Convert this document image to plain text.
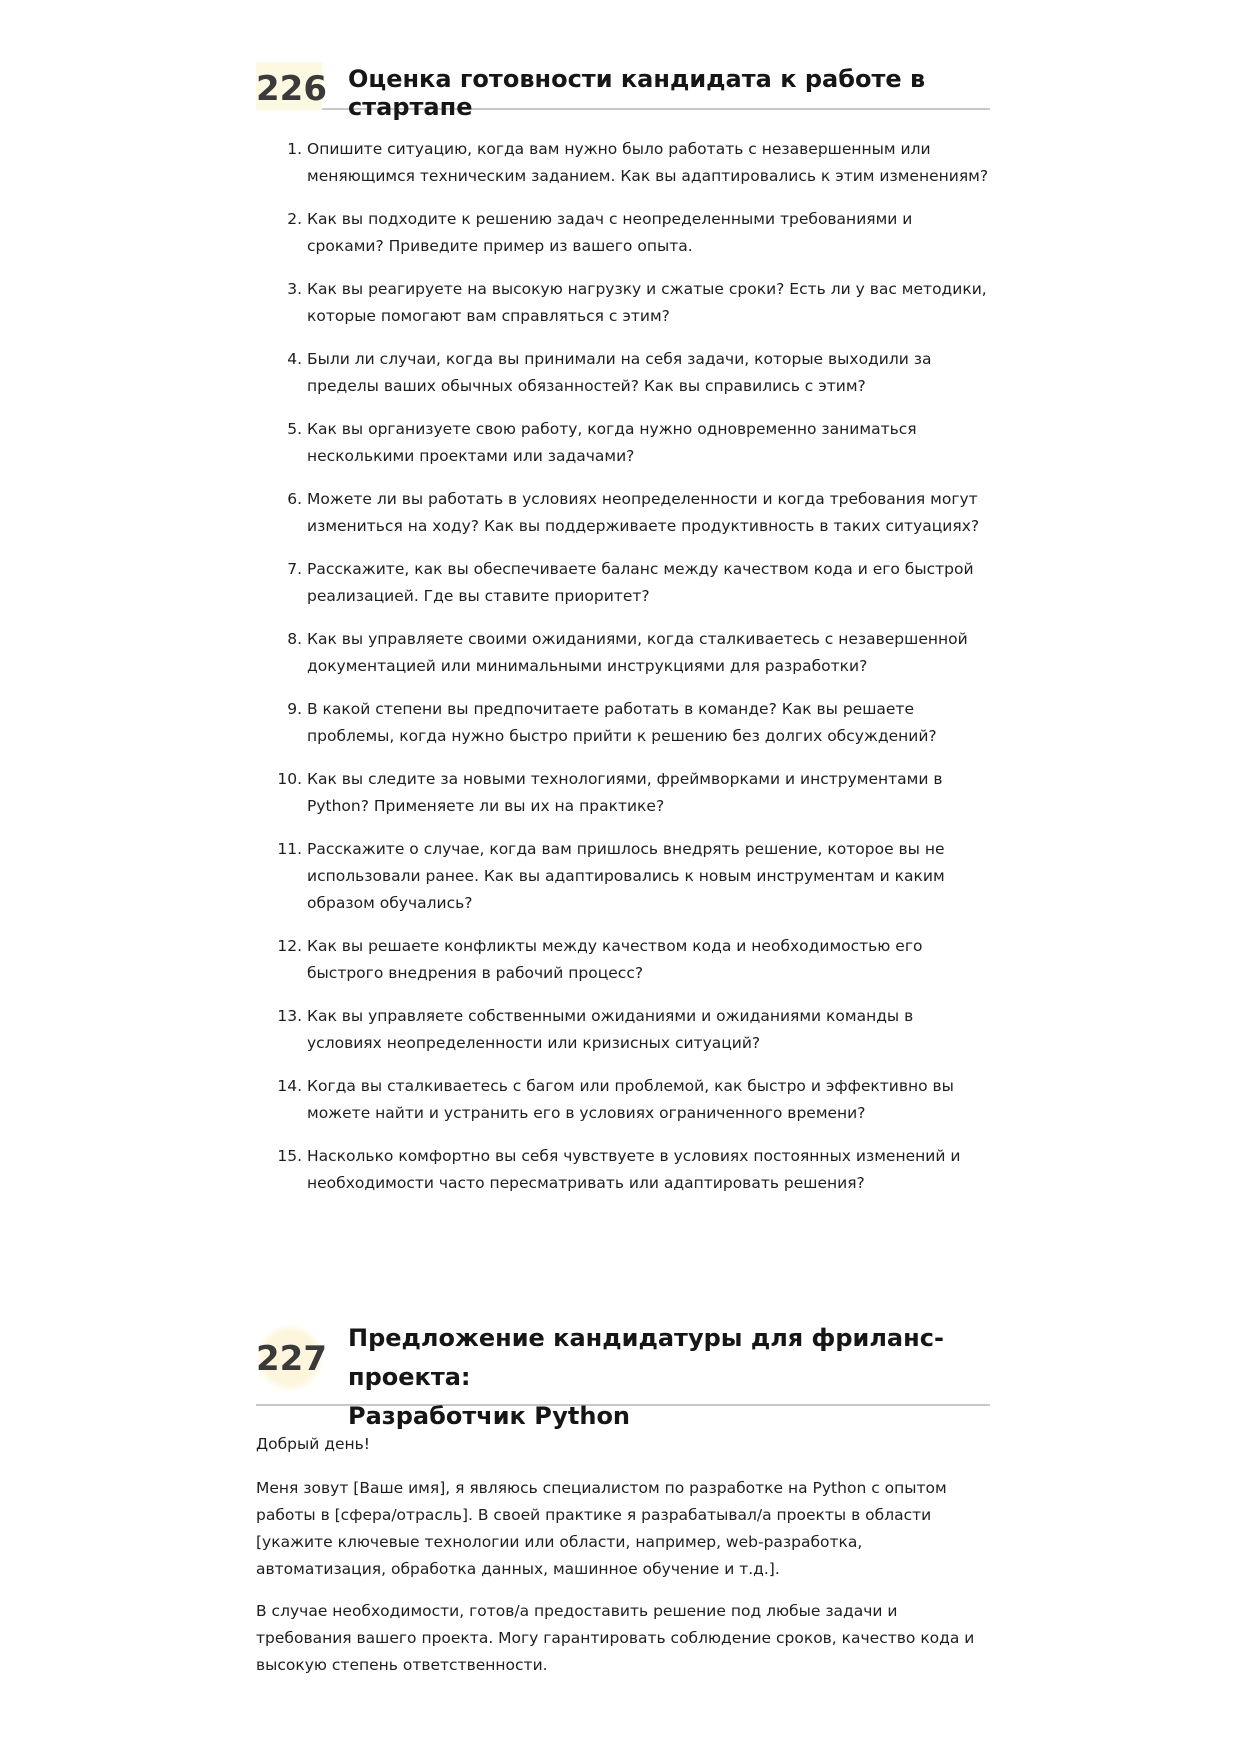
226 Оценка готовности кандидата к работе в стартапе
1. Опишите ситуацию, когда вам нужно было работать с незавершенным или меняющимся техническим заданием. Как вы адаптировались к этим изменениям?
2. Как вы подходите к решению задач с неопределенными требованиями и сроками? Приведите пример из вашего опыта.
3. Как вы реагируете на высокую нагрузку и сжатые сроки? Есть ли у вас методики, которые помогают вам справляться с этим?
4. Были ли случаи, когда вы принимали на себя задачи, которые выходили за пределы ваших обычных обязанностей? Как вы справились с этим?
5. Как вы организуете свою работу, когда нужно одновременно заниматься несколькими проектами или задачами?
6. Можете ли вы работать в условиях неопределенности и когда требования могут измениться на ходу? Как вы поддерживаете продуктивность в таких ситуациях?
7. Расскажите, как вы обеспечиваете баланс между качеством кода и его быстрой реализацией. Где вы ставите приоритет?
8. Как вы управляете своими ожиданиями, когда сталкиваетесь с незавершенной документацией или минимальными инструкциями для разработки?
9. В какой степени вы предпочитаете работать в команде? Как вы решаете проблемы, когда нужно быстро прийти к решению без долгих обсуждений?
10. Как вы следите за новыми технологиями, фреймворками и инструментами в Python? Применяете ли вы их на практике?
11. Расскажите о случае, когда вам пришлось внедрять решение, которое вы не использовали ранее. Как вы адаптировались к новым инструментам и каким образом обучались?
12. Как вы решаете конфликты между качеством кода и необходимостью его быстрого внедрения в рабочий процесс?
13. Как вы управляете собственными ожиданиями и ожиданиями команды в условиях неопределенности или кризисных ситуаций?
14. Когда вы сталкиваетесь с багом или проблемой, как быстро и эффективно вы можете найти и устранить его в условиях ограниченного времени?
15. Насколько комфортно вы себя чувствуете в условиях постоянных изменений и необходимости часто пересматривать или адаптировать решения?
227
Предложение кандидатуры для фриланс-проекта:
Разработчик Python

Добрый день!

Меня зовут [Ваше имя], я являюсь специалистом по разработке на Python с опытом работы в [сфера/отрасль]. В своей практике я разрабатывал/а проекты в области [укажите ключевые технологии или области, например, web-разработка, автоматизация, обработка данных, машинное обучение и т.д.].

В случае необходимости, готов/а предоставить решение под любые задачи и требования вашего проекта. Могу гарантировать соблюдение сроков, качество кода и высокую степень ответственности.
